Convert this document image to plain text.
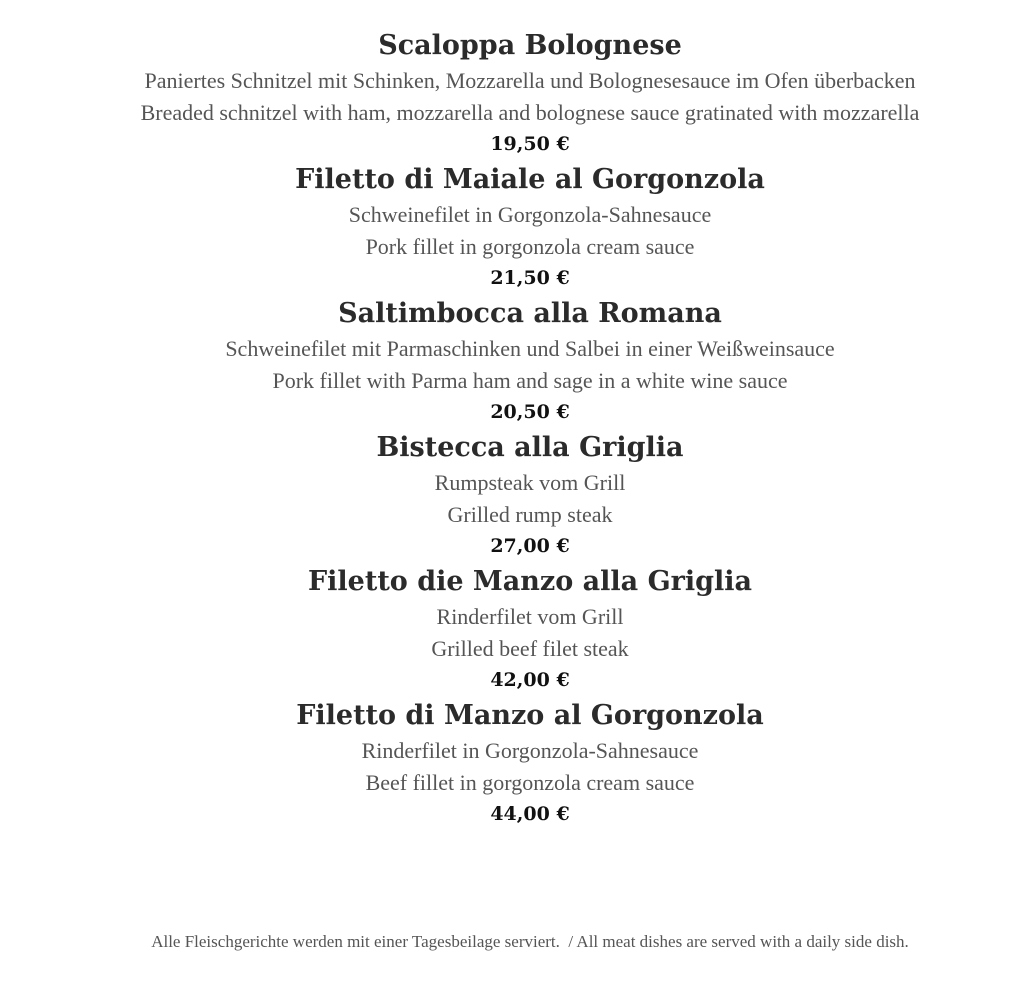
Scaloppa Bolognese

Paniertes Schnitzel mit Schinken, Mozzarella und Bolognesesauce im Ofen überbacken

Breaded schnitzel with ham, mozzarella and bolognese sauce gratinated with mozzarella

19,50 €

Filetto di Maiale al Gorgonzola

Schweinefilet in Gorgonzola-Sahnesauce

Pork fillet in gorgonzola cream sauce

21,50 €

Saltimbocca alla Romana

Schweinefilet mit Parmaschinken und Salbei in einer Weißweinsauce

Pork fillet with Parma ham and sage in a white wine sauce

20,50 €

Bistecca alla Griglia

Rumpsteak vom Grill

Grilled rump steak

27,00 €

Filetto die Manzo alla Griglia

Rinderfilet vom Grill

Grilled beef filet steak

42,00 €

Filetto di Manzo al Gorgonzola

Rinderfilet in Gorgonzola-Sahnesauce

Beef fillet in gorgonzola cream sauce

44,00 €

Alle Fleischgerichte werden mit einer Tagesbeilage serviert.  / All meat dishes are served with a daily side dish.
